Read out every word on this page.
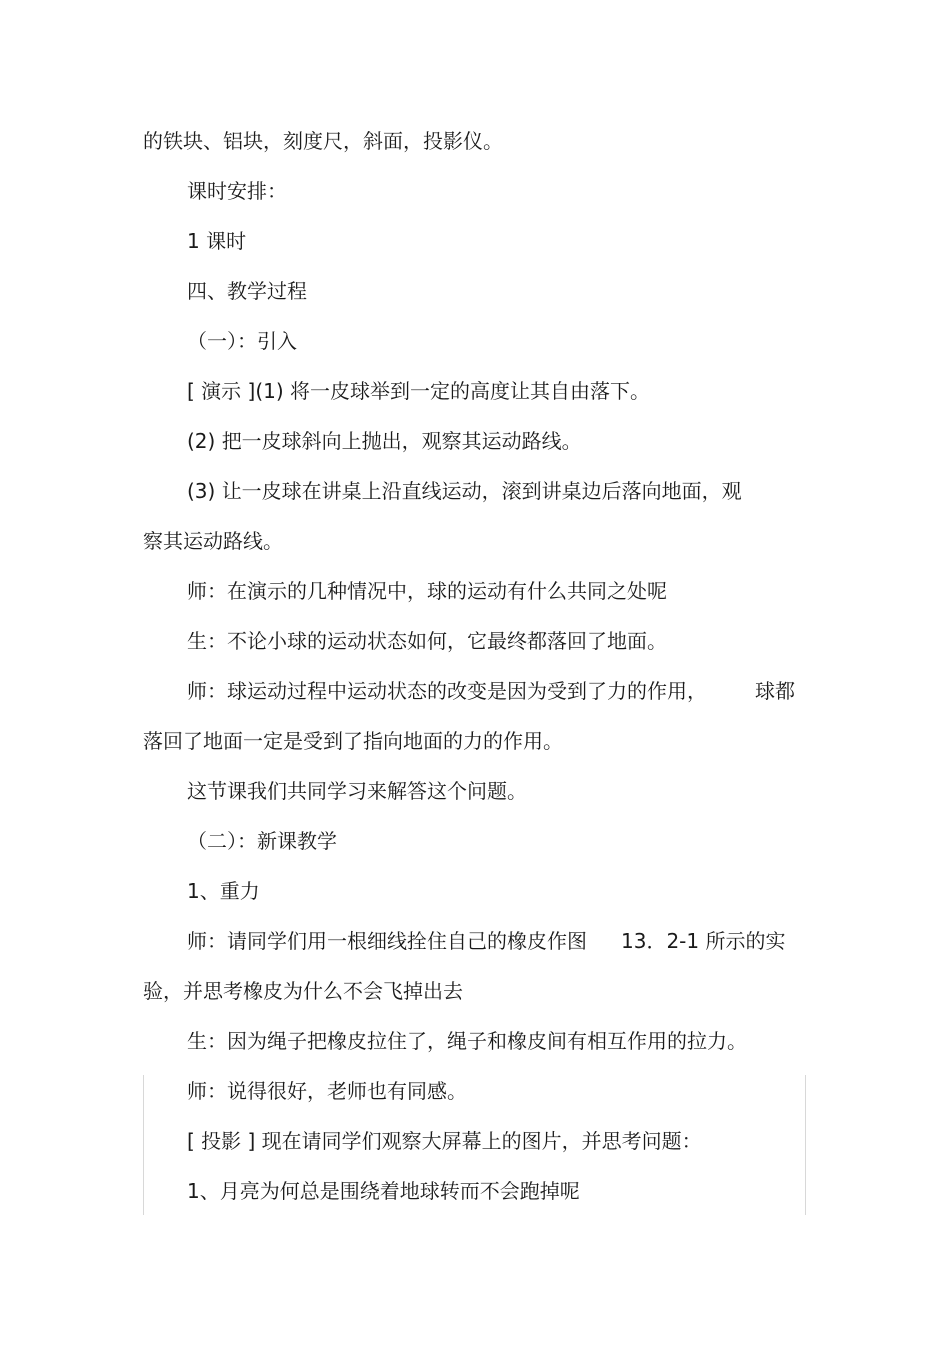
的铁块、铝块，刻度尺，斜面，投影仪。
课时安排：
1 课时
四、教学过程
（一）：引入
[ 演示 ](1) 将一皮球举到一定的高度让其自由落下。
(2) 把一皮球斜向上抛出，观察其运动路线。
(3) 让一皮球在讲桌上沿直线运动，滚到讲桌边后落向地面，观
察其运动路线。
师：在演示的几种情况中，球的运动有什么共同之处呢
生：不论小球的运动状态如何，它最终都落回了地面。
师：球运动过程中运动状态的改变是因为受到了力的作用， 球都
落回了地面一定是受到了指向地面的力的作用。
这节课我们共同学习来解答这个问题。
（二）：新课教学
1、重力
师：请同学们用一根细线拴住自己的橡皮作图 13．2-1 所示的实
验，并思考橡皮为什么不会飞掉出去
生：因为绳子把橡皮拉住了，绳子和橡皮间有相互作用的拉力。
师：说得很好，老师也有同感。
[ 投影 ] 现在请同学们观察大屏幕上的图片，并思考问题：
1、月亮为何总是围绕着地球转而不会跑掉呢
